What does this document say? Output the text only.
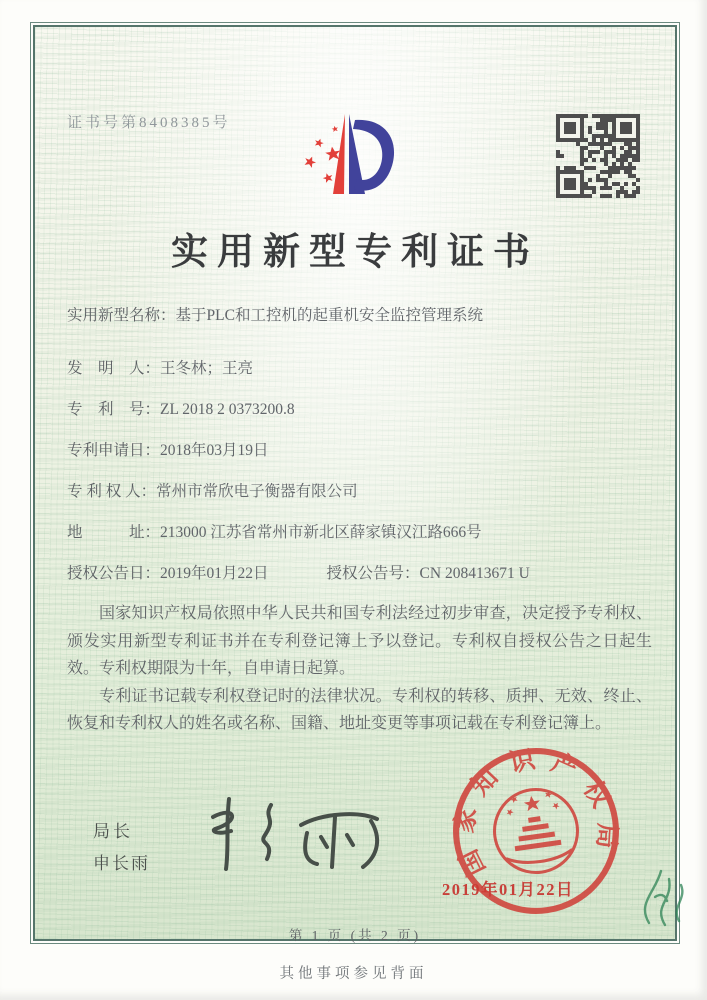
证书号第8408385号
实用新型专利证书
实用新型名称：基于PLC和工控机的起重机安全监控管理系统
发　明　人：王冬林；王亮
专　利　号：ZL 2018 2 0373200.8
专利申请日：2018年03月19日
专 利 权 人：常州市常欣电子衡器有限公司
地　　　址：213000 江苏省常州市新北区薛家镇汉江路666号
授权公告日：2019年01月22日	授权公告号：CN 208413671 U

国家知识产权局依照中华人民共和国专利法经过初步审查，决定授予专利权、颁发实用新型专利证书并在专利登记簿上予以登记。专利权自授权公告之日起生效。专利权期限为十年，自申请日起算。

专利证书记载专利权登记时的法律状况。专利权的转移、质押、无效、终止、恢复和专利权人的姓名或名称、国籍、地址变更等事项记载在专利登记簿上。

局长
申长雨
2019年01月22日
国家知识产权局
第 1 页 (共 2 页)
其他事项参见背面
